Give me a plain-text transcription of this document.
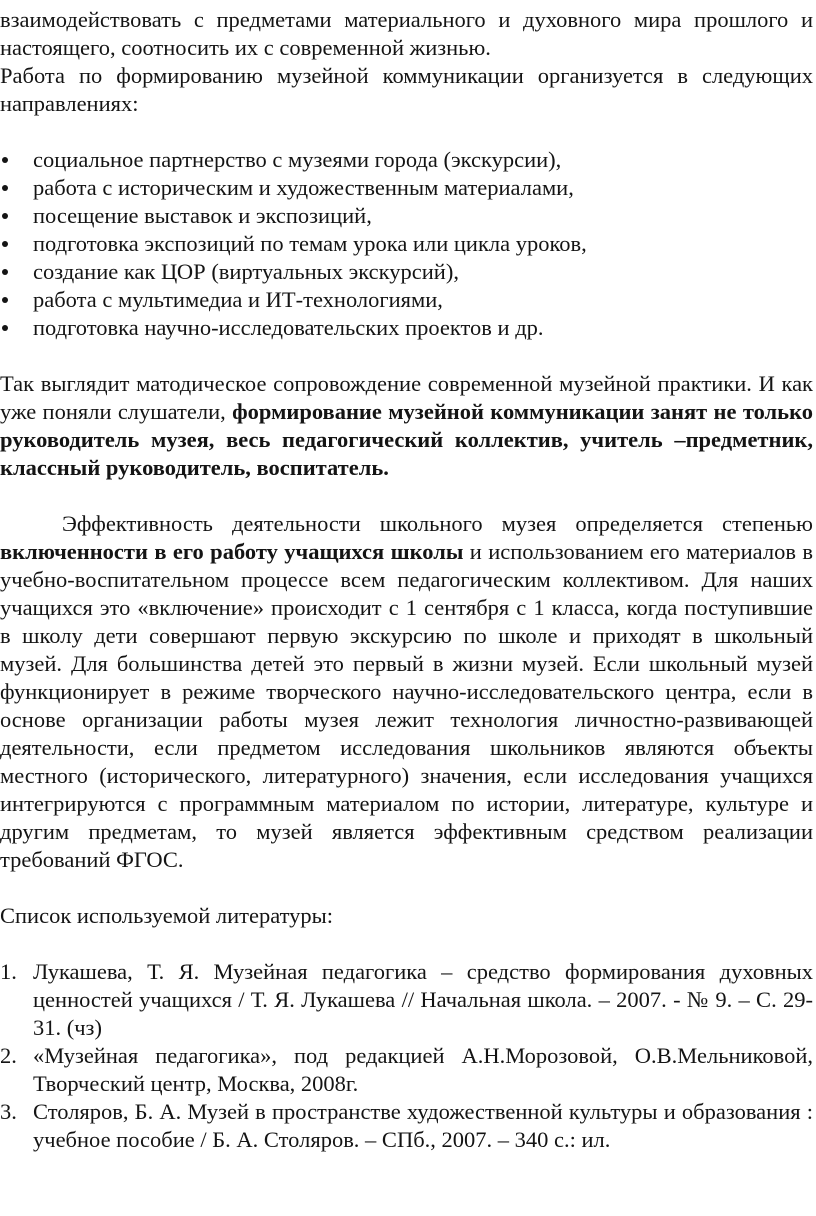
взаимодействовать с предметами материального и духовного мира прошлого и настоящего, соотносить их с современной жизнью.

Работа по формированию музейной коммуникации организуется в следующих направлениях:

социальное партнерство с музеями города (экскурсии),
работа с историческим и художественным материалами,
посещение выставок и экспозиций,
подготовка экспозиций по темам урока или цикла уроков,
создание как ЦОР (виртуальных экскурсий),
работа с мультимедиа и ИТ-технологиями,
подготовка научно-исследовательских проектов и др.

Так выглядит матодическое сопровождение современной музейной практики. И как уже поняли слушатели, формирование музейной коммуникации занят не только руководитель музея, весь педагогический коллектив, учитель –предметник, классный руководитель, воспитатель.

Эффективность деятельности школьного музея определяется степенью включенности в его работу учащихся школы и использованием его материалов в учебно-воспитательном процессе всем педагогическим коллективом. Для наших учащихся это «включение» происходит с 1 сентября с 1 класса, когда поступившие в школу дети совершают первую экскурсию по школе и приходят в школьный музей. Для большинства детей это первый в жизни музей. Если школьный музей функционирует в режиме творческого научно-исследовательского центра, если в основе организации работы музея лежит технология личностно-развивающей деятельности, если предметом исследования школьников являются объекты местного (исторического, литературного) значения, если исследования учащихся интегрируются с программным материалом по истории, литературе, культуре и другим предметам, то музей является эффективным средством реализации требований ФГОС.

Список используемой литературы:

1. Лукашева, Т. Я. Музейная педагогика – средство формирования духовных ценностей учащихся / Т. Я. Лукашева // Начальная школа. – 2007. - № 9. – С. 29-31. (чз)
2. «Музейная педагогика», под редакцией А.Н.Морозовой, О.В.Мельниковой, Творческий центр, Москва, 2008г.
3. Столяров, Б. А. Музей в пространстве художественной культуры и образования : учебное пособие / Б. А. Столяров. – СПб., 2007. – 340 с.: ил.
